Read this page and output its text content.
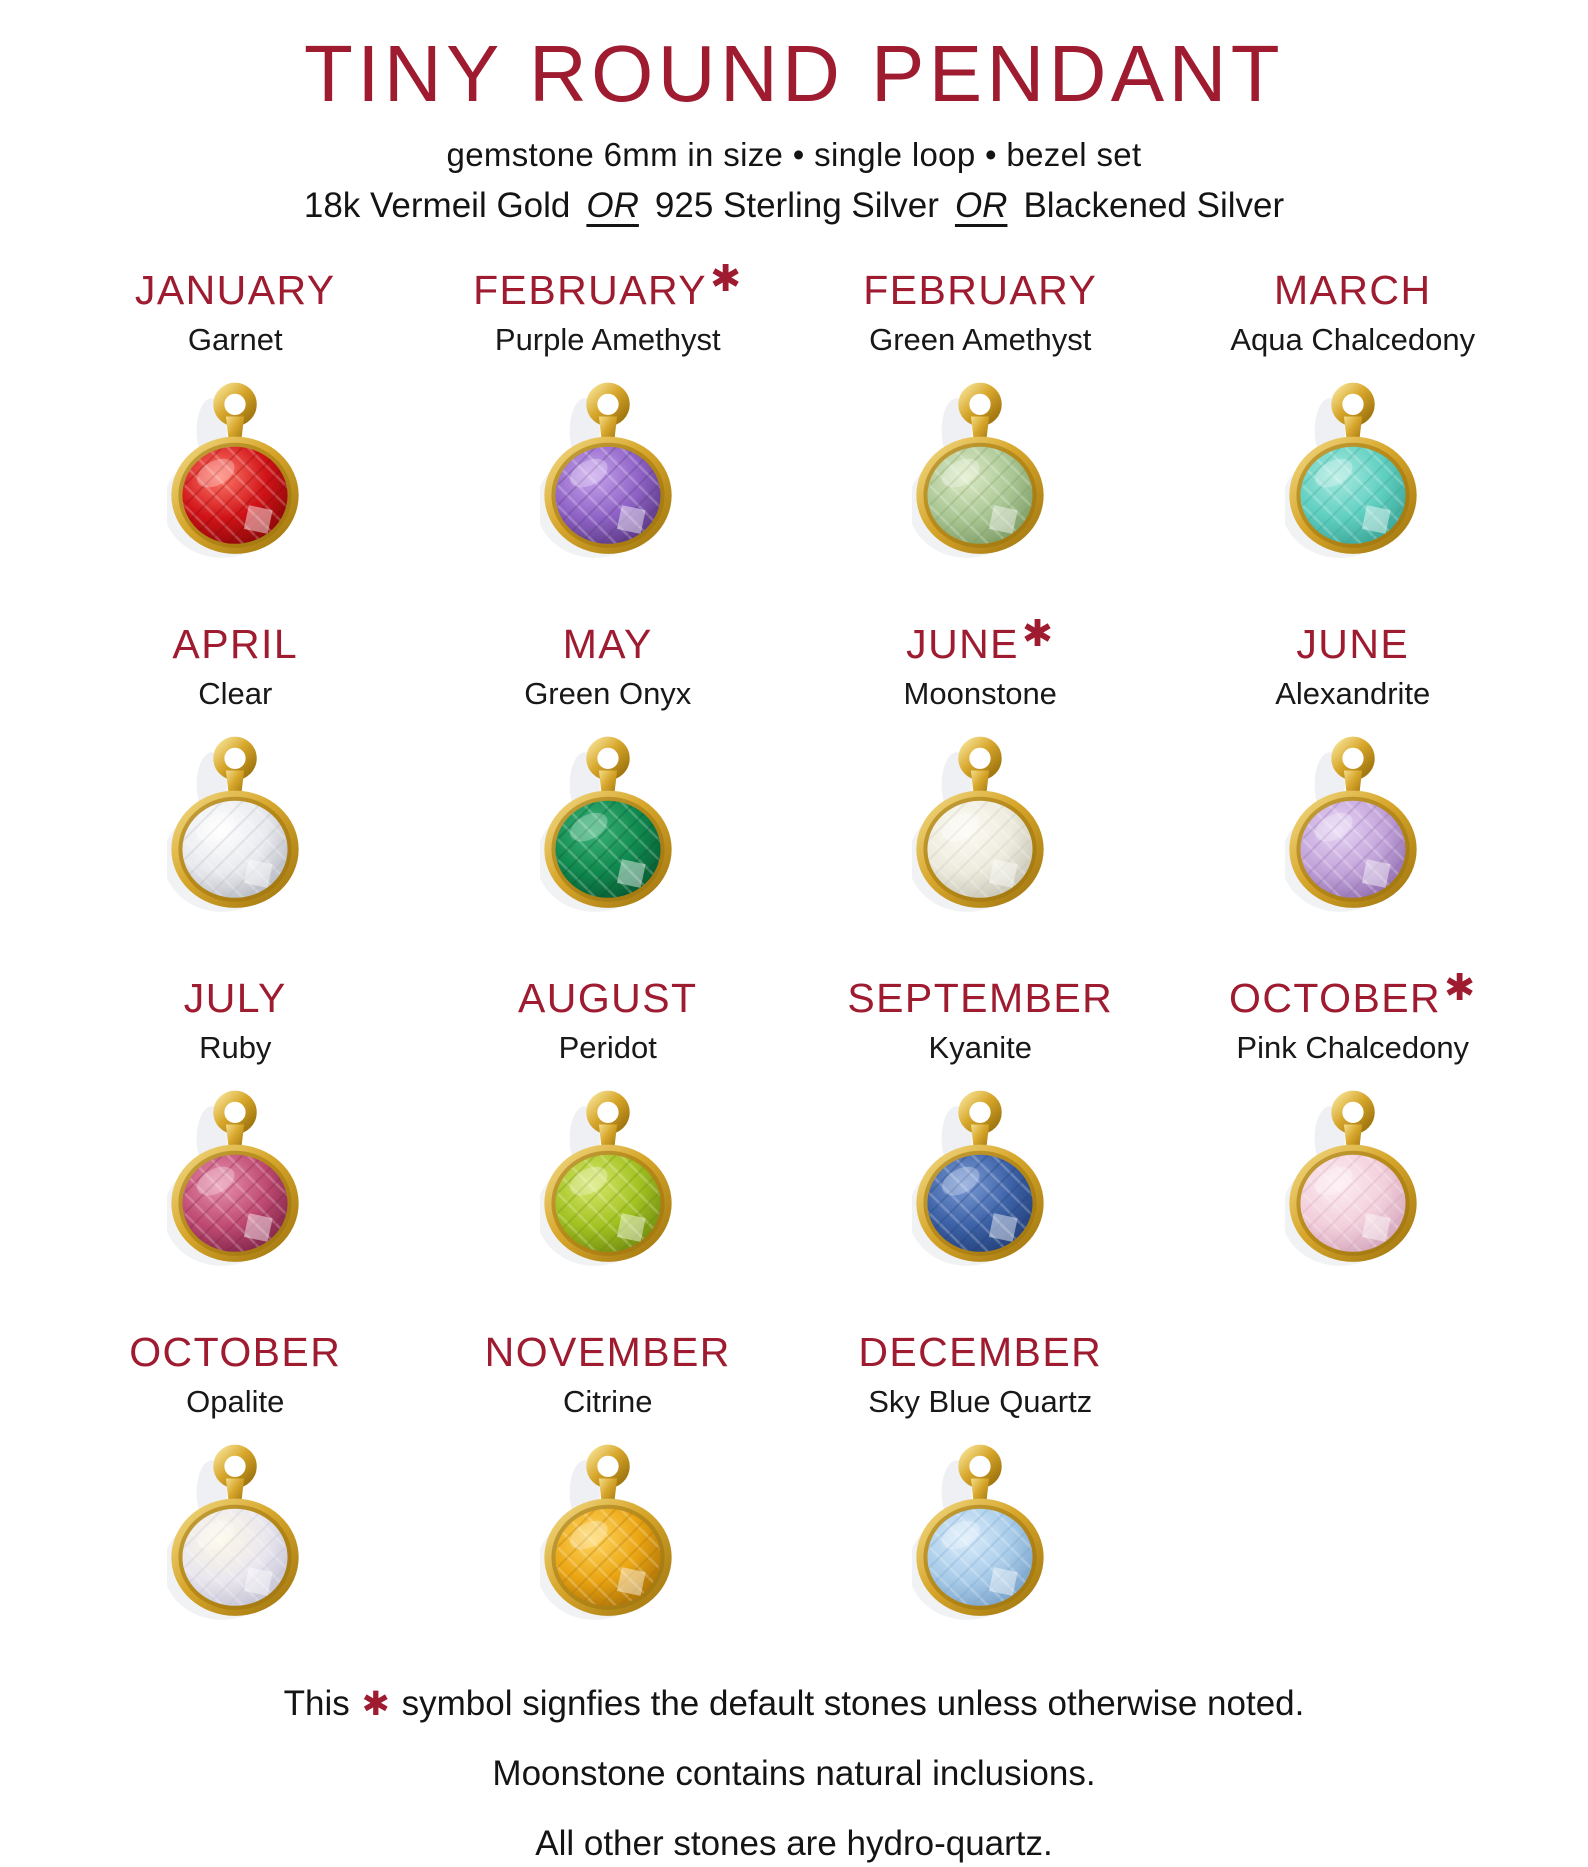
TINY ROUND PENDANT

gemstone 6mm in size • single loop • bezel set

18k Vermeil Gold OR 925 Sterling Silver OR Blackened Silver

JANUARY
Garnet
FEBRUARY✱
Purple Amethyst
FEBRUARY
Green Amethyst
MARCH
Aqua Chalcedony
APRIL
Clear
MAY
Green Onyx
JUNE✱
Moonstone
JUNE
Alexandrite
JULY
Ruby
AUGUST
Peridot
SEPTEMBER
Kyanite
OCTOBER✱
Pink Chalcedony
OCTOBER
Opalite
NOVEMBER
Citrine
DECEMBER
Sky Blue Quartz

This ✱ symbol signfies the default stones unless otherwise noted.

Moonstone contains natural inclusions.

All other stones are hydro-quartz.
